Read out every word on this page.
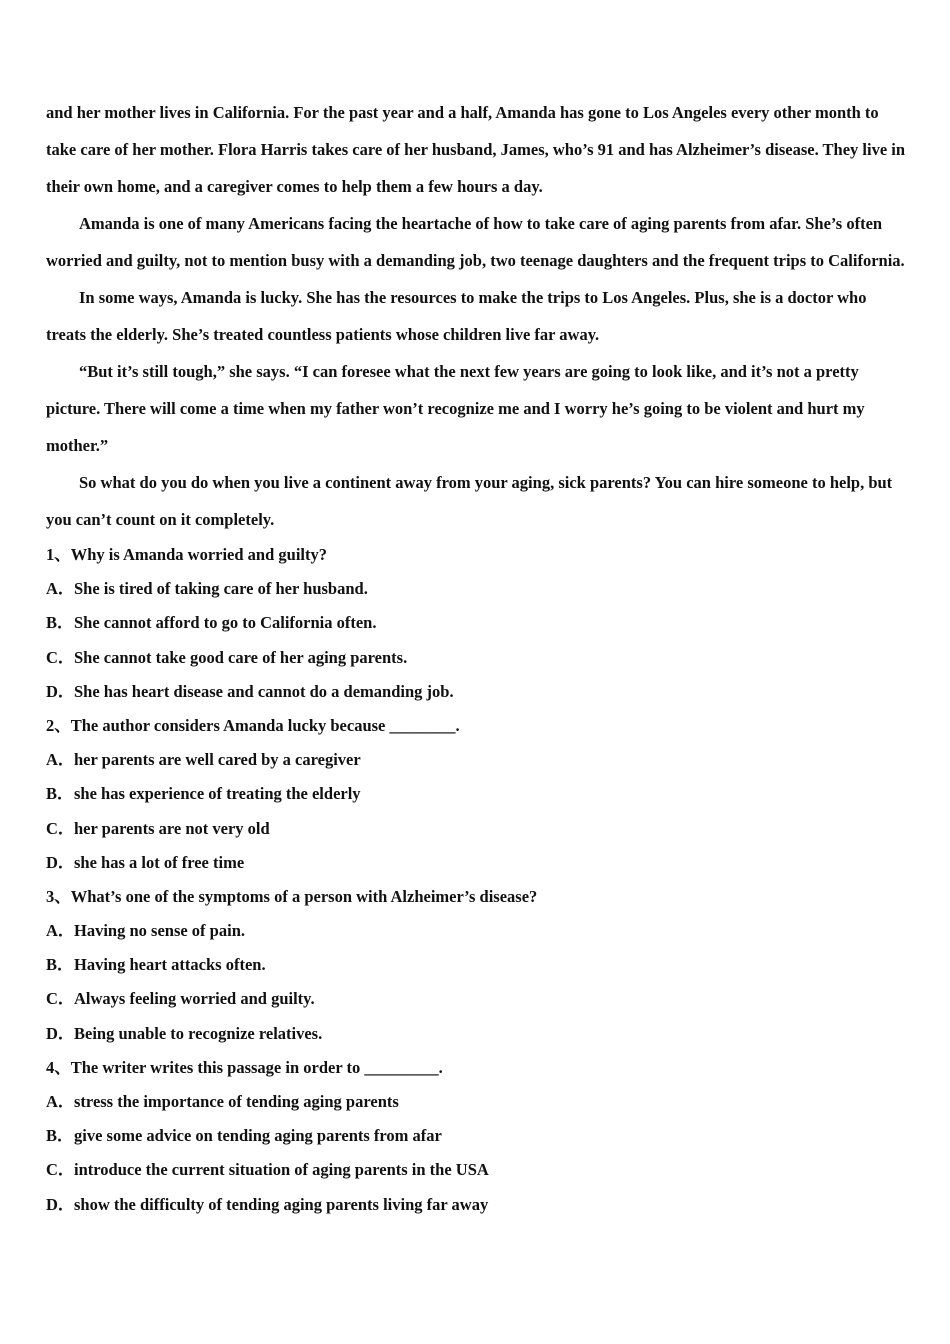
and her mother lives in California. For the past year and a half, Amanda has gone to Los Angeles every other month to take care of her mother. Flora Harris takes care of her husband, James, who’s 91 and has Alzheimer’s disease. They live in their own home, and a caregiver comes to help them a few hours a day.

Amanda is one of many Americans facing the heartache of how to take care of aging parents from afar. She’s often worried and guilty, not to mention busy with a demanding job, two teenage daughters and the frequent trips to California.

In some ways, Amanda is lucky. She has the resources to make the trips to Los Angeles. Plus, she is a doctor who treats the elderly. She’s treated countless patients whose children live far away.

“But it’s still tough,” she says. “I can foresee what the next few years are going to look like, and it’s not a pretty picture. There will come a time when my father won’t recognize me and I worry he’s going to be violent and hurt my mother.”

So what do you do when you live a continent away from your aging, sick parents? You can hire someone to help, but you can’t count on it completely.

1、Why is Amanda worried and guilty?

A．She is tired of taking care of her husband.

B．She cannot afford to go to California often.

C．She cannot take good care of her aging parents.

D．She has heart disease and cannot do a demanding job.

2、The author considers Amanda lucky because ________.

A．her parents are well cared by a caregiver

B．she has experience of treating the elderly

C．her parents are not very old

D．she has a lot of free time

3、What’s one of the symptoms of a person with Alzheimer’s disease?

A．Having no sense of pain.

B．Having heart attacks often.

C．Always feeling worried and guilty.

D．Being unable to recognize relatives.

4、The writer writes this passage in order to _________.

A．stress the importance of tending aging parents

B．give some advice on tending aging parents from afar

C．introduce the current situation of aging parents in the USA

D．show the difficulty of tending aging parents living far away
